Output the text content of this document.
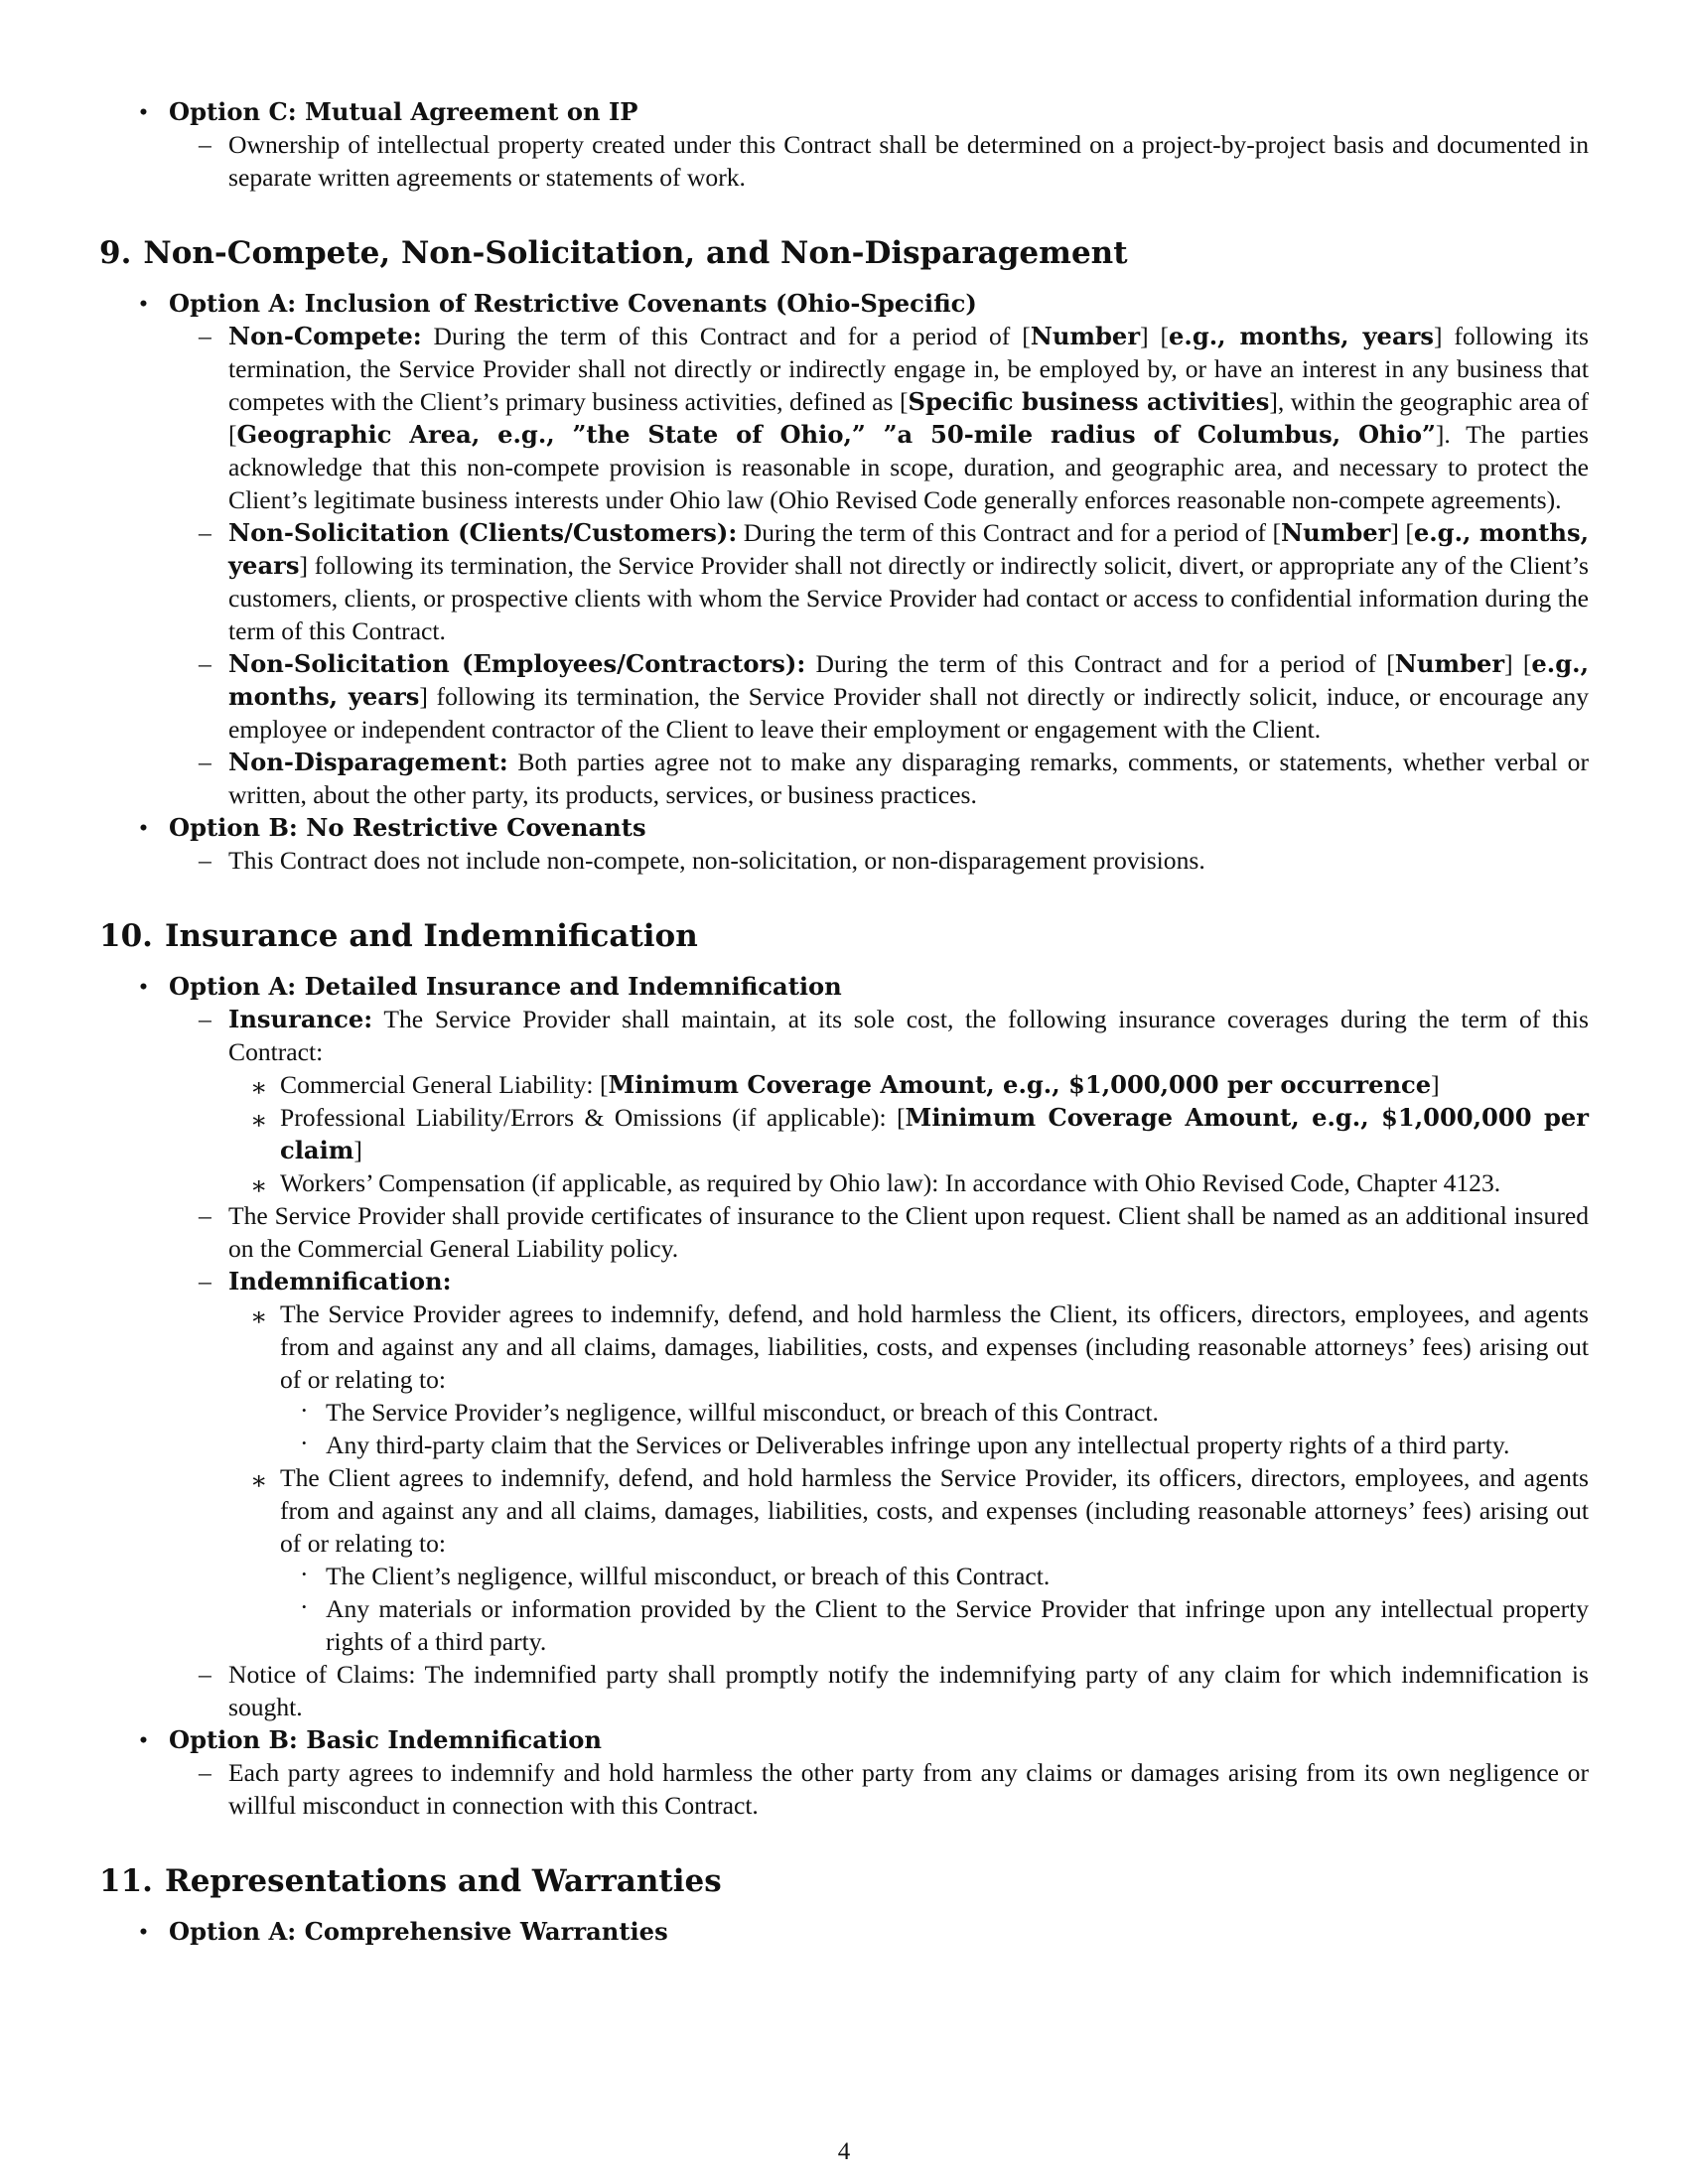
• Option C: Mutual Agreement on IP
– Ownership of intellectual property created under this Contract shall be determined on a project-by-project basis and documented in separate written agreements or statements of work.
9. Non-Compete, Non-Solicitation, and Non-Disparagement
• Option A: Inclusion of Restrictive Covenants (Ohio-Specific)
– Non-Compete: During the term of this Contract and for a period of [Number] [e.g., months, years] following its termination, the Service Provider shall not directly or indirectly engage in, be employed by, or have an interest in any business that competes with the Client’s primary business activities, defined as [Specific business activities], within the geographic area of [Geographic Area, e.g., ”the State of Ohio,” ”a 50-mile radius of Columbus, Ohio”]. The parties acknowledge that this non-compete provision is reasonable in scope, duration, and geographic area, and necessary to protect the Client’s legitimate business interests under Ohio law (Ohio Revised Code generally enforces reasonable non-compete agreements).
– Non-Solicitation (Clients/Customers): During the term of this Contract and for a period of [Number] [e.g., months, years] following its termination, the Service Provider shall not directly or indirectly solicit, divert, or appropriate any of the Client’s customers, clients, or prospective clients with whom the Service Provider had contact or access to confidential information during the term of this Contract.
– Non-Solicitation (Employees/Contractors): During the term of this Contract and for a period of [Number] [e.g., months, years] following its termination, the Service Provider shall not directly or indirectly solicit, induce, or encourage any employee or independent contractor of the Client to leave their employment or engagement with the Client.
– Non-Disparagement: Both parties agree not to make any disparaging remarks, comments, or statements, whether verbal or written, about the other party, its products, services, or business practices.
• Option B: No Restrictive Covenants
– This Contract does not include non-compete, non-solicitation, or non-disparagement provisions.
10. Insurance and Indemnification
• Option A: Detailed Insurance and Indemnification
– Insurance: The Service Provider shall maintain, at its sole cost, the following insurance coverages during the term of this Contract:
∗ Commercial General Liability: [Minimum Coverage Amount, e.g., $1,000,000 per occurrence]
∗ Professional Liability/Errors & Omissions (if applicable): [Minimum Coverage Amount, e.g., $1,000,000 per claim]
∗ Workers’ Compensation (if applicable, as required by Ohio law): In accordance with Ohio Revised Code, Chapter 4123.
– The Service Provider shall provide certificates of insurance to the Client upon request. Client shall be named as an additional insured on the Commercial General Liability policy.
– Indemnification:
∗ The Service Provider agrees to indemnify, defend, and hold harmless the Client, its officers, directors, employees, and agents from and against any and all claims, damages, liabilities, costs, and expenses (including reasonable attorneys’ fees) arising out of or relating to:
· The Service Provider’s negligence, willful misconduct, or breach of this Contract.
· Any third-party claim that the Services or Deliverables infringe upon any intellectual property rights of a third party.
∗ The Client agrees to indemnify, defend, and hold harmless the Service Provider, its officers, directors, employees, and agents from and against any and all claims, damages, liabilities, costs, and expenses (including reasonable attorneys’ fees) arising out of or relating to:
· The Client’s negligence, willful misconduct, or breach of this Contract.
· Any materials or information provided by the Client to the Service Provider that infringe upon any intellectual property rights of a third party.
– Notice of Claims: The indemnified party shall promptly notify the indemnifying party of any claim for which indemnification is sought.
• Option B: Basic Indemnification
– Each party agrees to indemnify and hold harmless the other party from any claims or damages arising from its own negligence or willful misconduct in connection with this Contract.
11. Representations and Warranties
• Option A: Comprehensive Warranties
4
